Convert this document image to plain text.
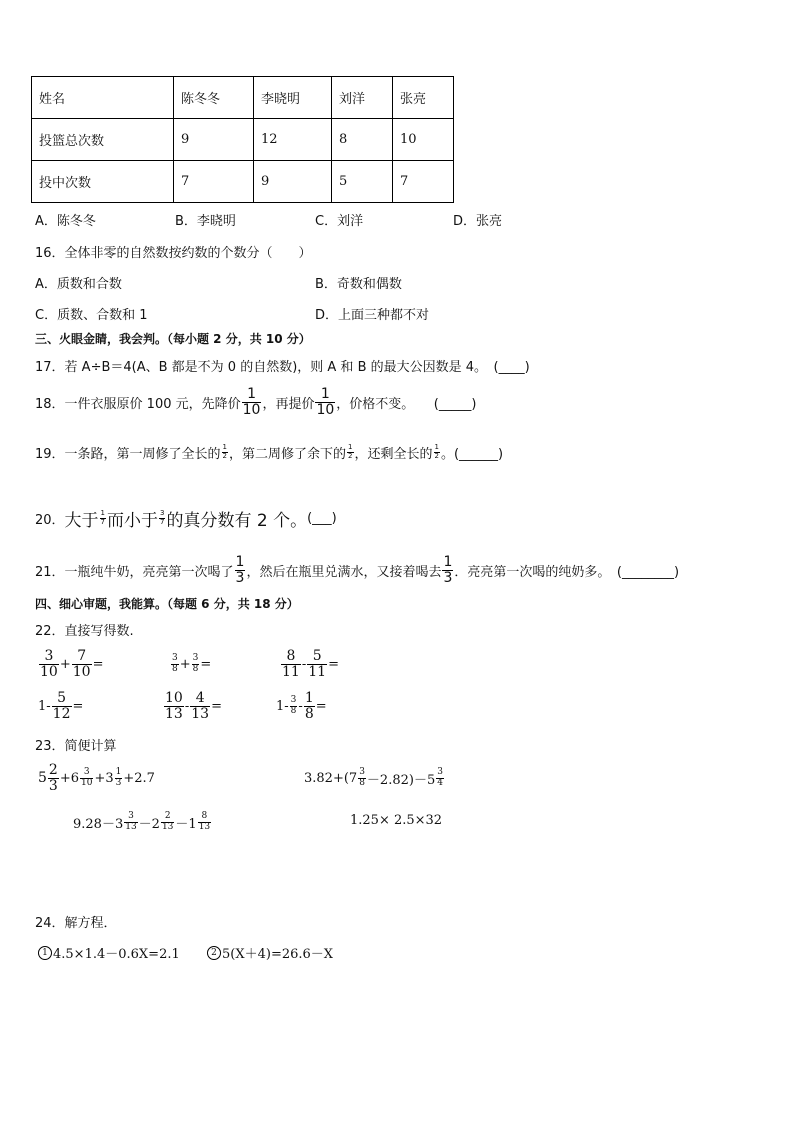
姓名	陈冬冬	李晓明	刘洋	张亮
投篮总次数	9	12	8	10
投中次数	7	9	5	7
A．陈冬冬	B．李晓明	C．刘洋	D．张亮
16．全体非零的自然数按约数的个数分（　　）
A．质数和合数	B．奇数和偶数
C．质数、合数和 1	D．上面三种都不对
三、火眼金睛，我会判。（每小题 2 分，共 10 分）
17．若 A÷B＝4(A、B 都是不为 0 的自然数)，则 A 和 B 的最大公因数是 4。　(____)
18．一件衣服原价 100 元，先降价 $\frac{1}{10}$ ，再提价 $\frac{1}{10}$ ，价格不变。　　(_____)
19．一条路，第一周修了全长的 $\frac{1}{2}$ ，第二周修了余下的 $\frac{1}{2}$ ，还剩全长的 $\frac{1}{2}$ 。(______)
20． 大于 $\frac{1}{7}$ 而小于 $\frac{3}{7}$ 的真分数有 2 个。 (___)
21．一瓶纯牛奶，亮亮第一次喝了 $\frac{1}{3}$ ，然后在瓶里兑满水，又接着喝去 $\frac{1}{3}$ ．亮亮第一次喝的纯奶多。　(________)
四、细心审题，我能算。（每题 6 分，共 18 分）
22．直接写得数.
$\frac{3}{10} + \frac{7}{10}$ =	$\frac{3}{8} + \frac{3}{8}$ =	$\frac{8}{11} - \frac{5}{11}$ =
$1- \frac{5}{12}$ =	$\frac{10}{13} - \frac{4}{13}$ =	$1- \frac{3}{8} - \frac{1}{8}$ =
23．简便计算
$5 \frac{2}{3} +6 \frac{3}{10} +3 \frac{1}{3} +2.7$	$3.82+(7 \frac{3}{8} -2.82)-5 \frac{3}{4}$
$9.28-3 \frac{3}{13} -2 \frac{2}{13} -1 \frac{8}{13}$	1.25× 2.5×32
24．解方程．
1 4.5×1.4－0.6X=2.1	2 5(X＋4)=26.6－X
